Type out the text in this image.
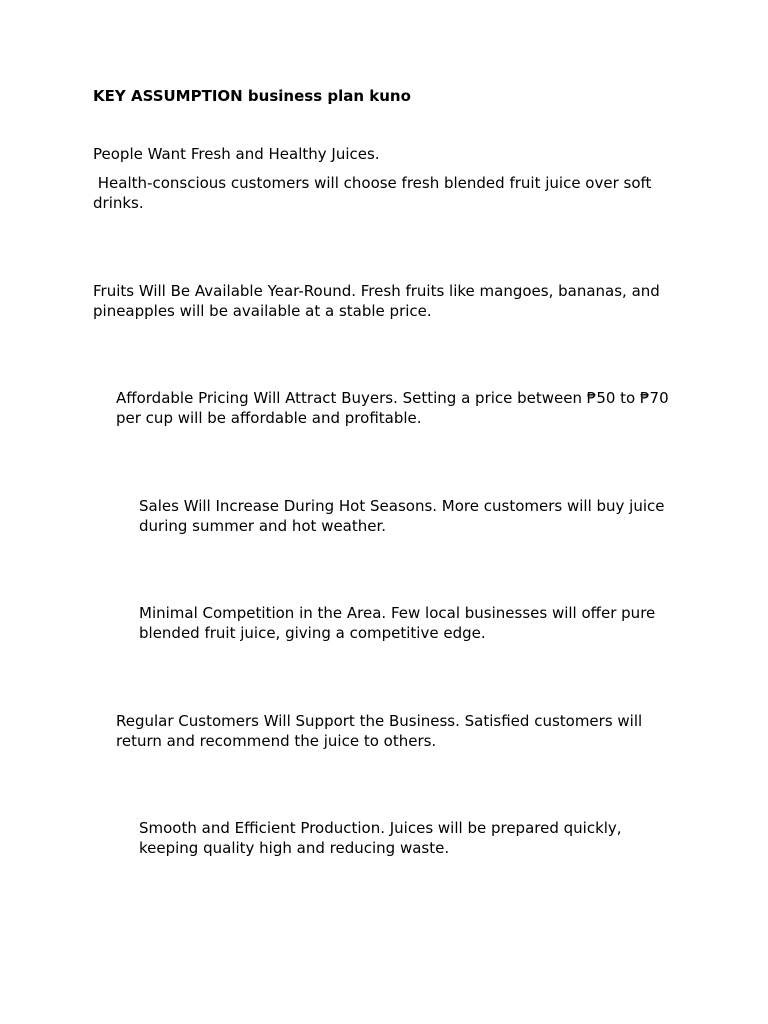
KEY ASSUMPTION business plan kuno

People Want Fresh and Healthy Juices.

Health-conscious customers will choose fresh blended fruit juice over soft drinks.

Fruits Will Be Available Year-Round. Fresh fruits like mangoes, bananas, and pineapples will be available at a stable price.

Affordable Pricing Will Attract Buyers. Setting a price between ₱50 to ₱70 per cup will be affordable and profitable.

Sales Will Increase During Hot Seasons. More customers will buy juice during summer and hot weather.

Minimal Competition in the Area. Few local businesses will offer pure blended fruit juice, giving a competitive edge.

Regular Customers Will Support the Business. Satisfied customers will return and recommend the juice to others.

Smooth and Efficient Production. Juices will be prepared quickly, keeping quality high and reducing waste.
